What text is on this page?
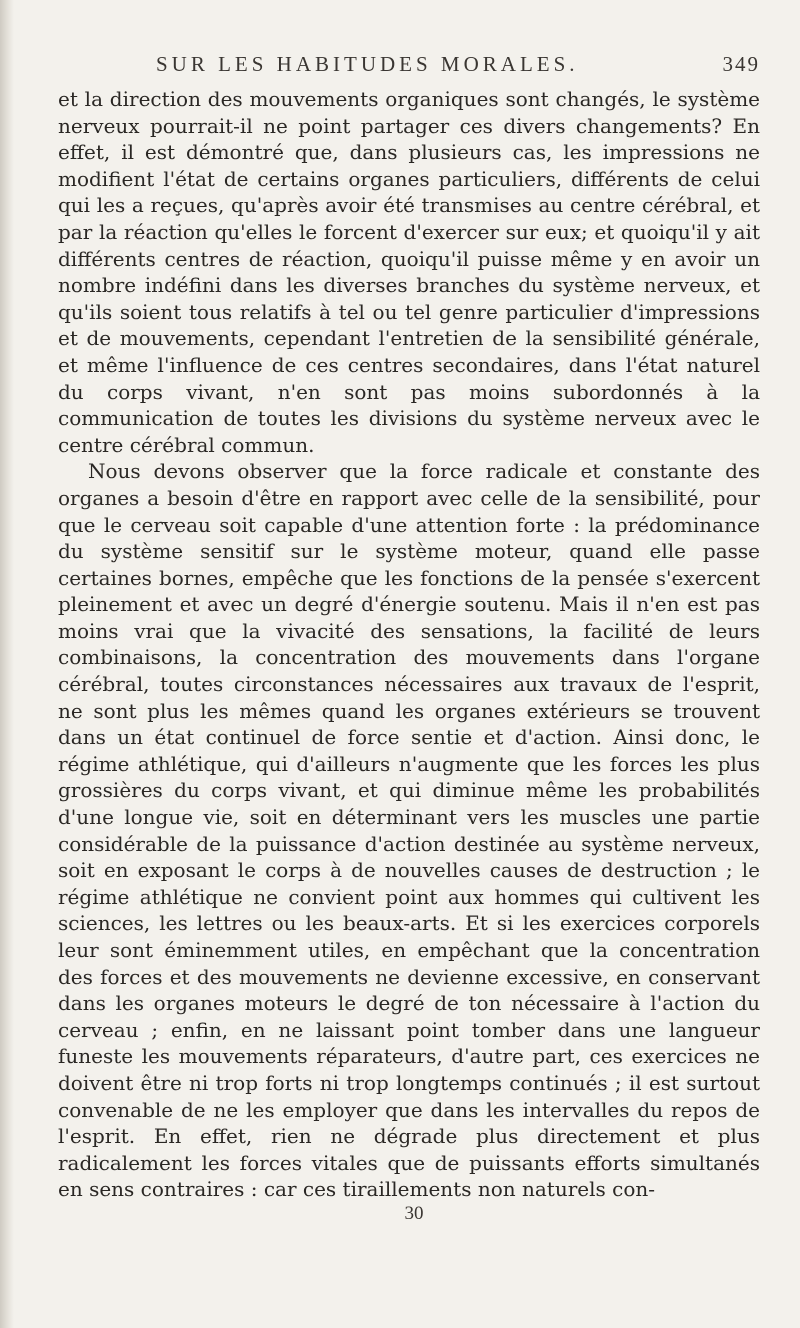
SUR LES HABITUDES MORALES.	349

et la direction des mouvements organiques sont changés, le système nerveux pourrait-il ne point partager ces divers changements? En effet, il est démontré que, dans plusieurs cas, les impressions ne modifient l'état de certains organes particuliers, différents de celui qui les a reçues, qu'après avoir été transmises au centre cérébral, et par la réaction qu'elles le forcent d'exercer sur eux; et quoiqu'il y ait différents centres de réaction, quoiqu'il puisse même y en avoir un nombre indéfini dans les diverses branches du système nerveux, et qu'ils soient tous relatifs à tel ou tel genre particulier d'impressions et de mouvements, cependant l'entretien de la sensibilité générale, et même l'influence de ces centres secondaires, dans l'état naturel du corps vivant, n'en sont pas moins subordonnés à la communication de toutes les divisions du système nerveux avec le centre cérébral commun.

Nous devons observer que la force radicale et constante des organes a besoin d'être en rapport avec celle de la sensibilité, pour que le cerveau soit capable d'une attention forte : la prédominance du système sensitif sur le système moteur, quand elle passe certaines bornes, empêche que les fonctions de la pensée s'exercent pleinement et avec un degré d'énergie soutenu. Mais il n'en est pas moins vrai que la vivacité des sensations, la facilité de leurs combinaisons, la concentration des mouvements dans l'organe cérébral, toutes circonstances nécessaires aux travaux de l'esprit, ne sont plus les mêmes quand les organes extérieurs se trouvent dans un état continuel de force sentie et d'action. Ainsi donc, le régime athlétique, qui d'ailleurs n'augmente que les forces les plus grossières du corps vivant, et qui diminue même les probabilités d'une longue vie, soit en déterminant vers les muscles une partie considérable de la puissance d'action destinée au système nerveux, soit en exposant le corps à de nouvelles causes de destruction ; le régime athlétique ne convient point aux hommes qui cultivent les sciences, les lettres ou les beaux-arts. Et si les exercices corporels leur sont éminemment utiles, en empêchant que la concentration des forces et des mouvements ne devienne excessive, en conservant dans les organes moteurs le degré de ton nécessaire à l'action du cerveau ; enfin, en ne laissant point tomber dans une langueur funeste les mouvements réparateurs, d'autre part, ces exercices ne doivent être ni trop forts ni trop longtemps continués ; il est surtout convenable de ne les employer que dans les intervalles du repos de l'esprit. En effet, rien ne dégrade plus directement et plus radicalement les forces vitales que de puissants efforts simultanés en sens contraires : car ces tiraillements non naturels con-

30
